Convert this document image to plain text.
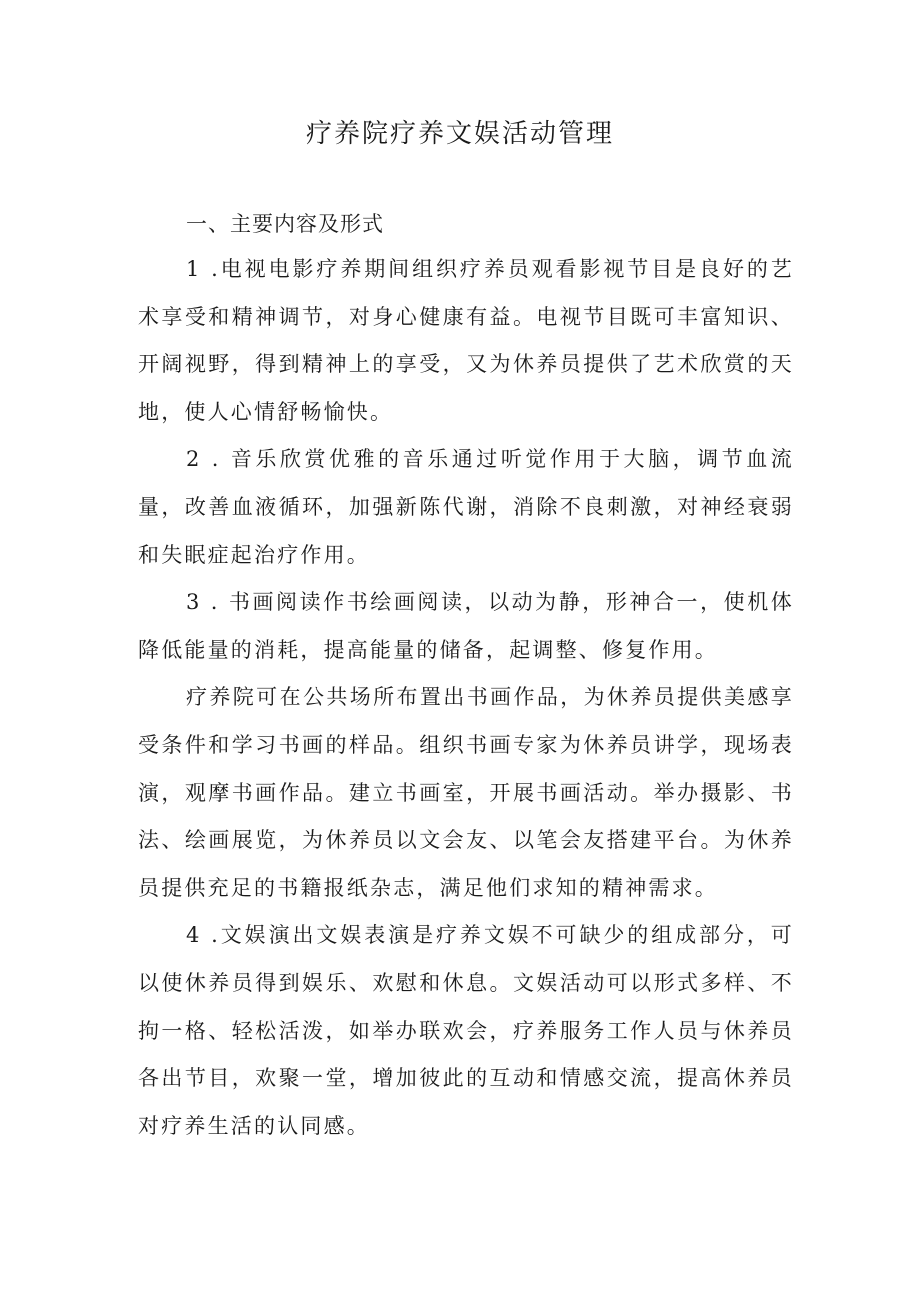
疗养院疗养文娱活动管理
一、主要内容及形式

1 .电视电影疗养期间组织疗养员观看影视节目是良好的艺术享受和精神调节，对身心健康有益。电视节目既可丰富知识、开阔视野，得到精神上的享受，又为休养员提供了艺术欣赏的天地，使人心情舒畅愉快。

2 . 音乐欣赏优雅的音乐通过听觉作用于大脑，调节血流量，改善血液循环，加强新陈代谢，消除不良刺激，对神经衰弱和失眠症起治疗作用。

3 . 书画阅读作书绘画阅读，以动为静，形神合一，使机体降低能量的消耗，提高能量的储备，起调整、修复作用。

疗养院可在公共场所布置出书画作品，为休养员提供美感享受条件和学习书画的样品。组织书画专家为休养员讲学，现场表演，观摩书画作品。建立书画室，开展书画活动。举办摄影、书法、绘画展览，为休养员以文会友、以笔会友搭建平台。为休养员提供充足的书籍报纸杂志，满足他们求知的精神需求。

4 .文娱演出文娱表演是疗养文娱不可缺少的组成部分，可以使休养员得到娱乐、欢慰和休息。文娱活动可以形式多样、不拘一格、轻松活泼，如举办联欢会，疗养服务工作人员与休养员各出节目，欢聚一堂，增加彼此的互动和情感交流，提高休养员对疗养生活的认同感。
